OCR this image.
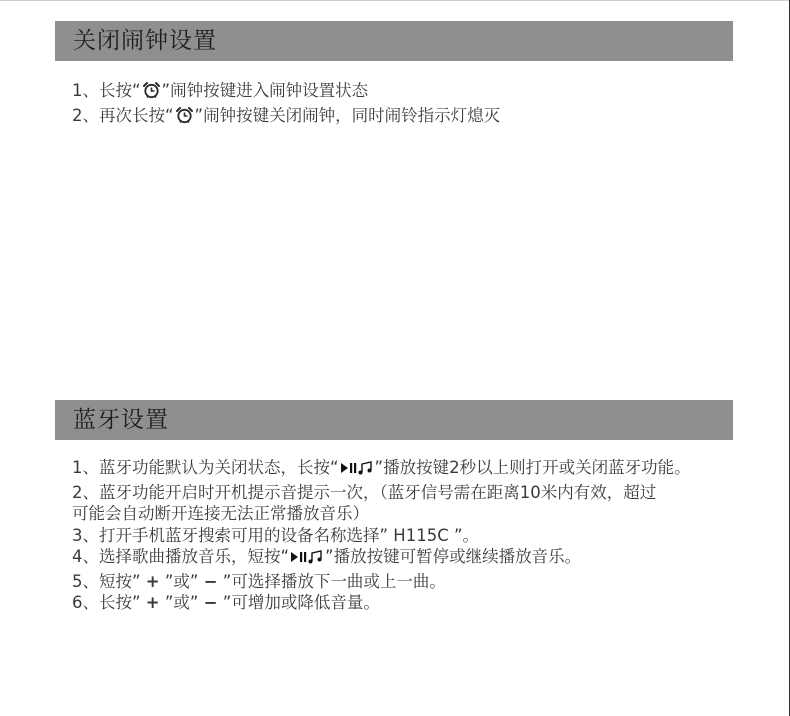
关闭闹钟设置
1、长按“ ”闹钟按键进入闹钟设置状态
2、再次长按“ ”闹钟按键关闭闹钟，同时闹铃指示灯熄灭
蓝牙设置
1、蓝牙功能默认为关闭状态，长按“ ”播放按键2秒以上则打开或关闭蓝牙功能。
2、蓝牙功能开启时开机提示音提示一次，（蓝牙信号需在距离10米内有效，超过
可能会自动断开连接无法正常播放音乐）
3、打开手机蓝牙搜索可用的设备名称选择” H115C ”。
4、选择歌曲播放音乐，短按“ ”播放按键可暂停或继续播放音乐。
5、短按” + ”或” − ”可选择播放下一曲或上一曲。
6、长按” + ”或” − ”可增加或降低音量。
